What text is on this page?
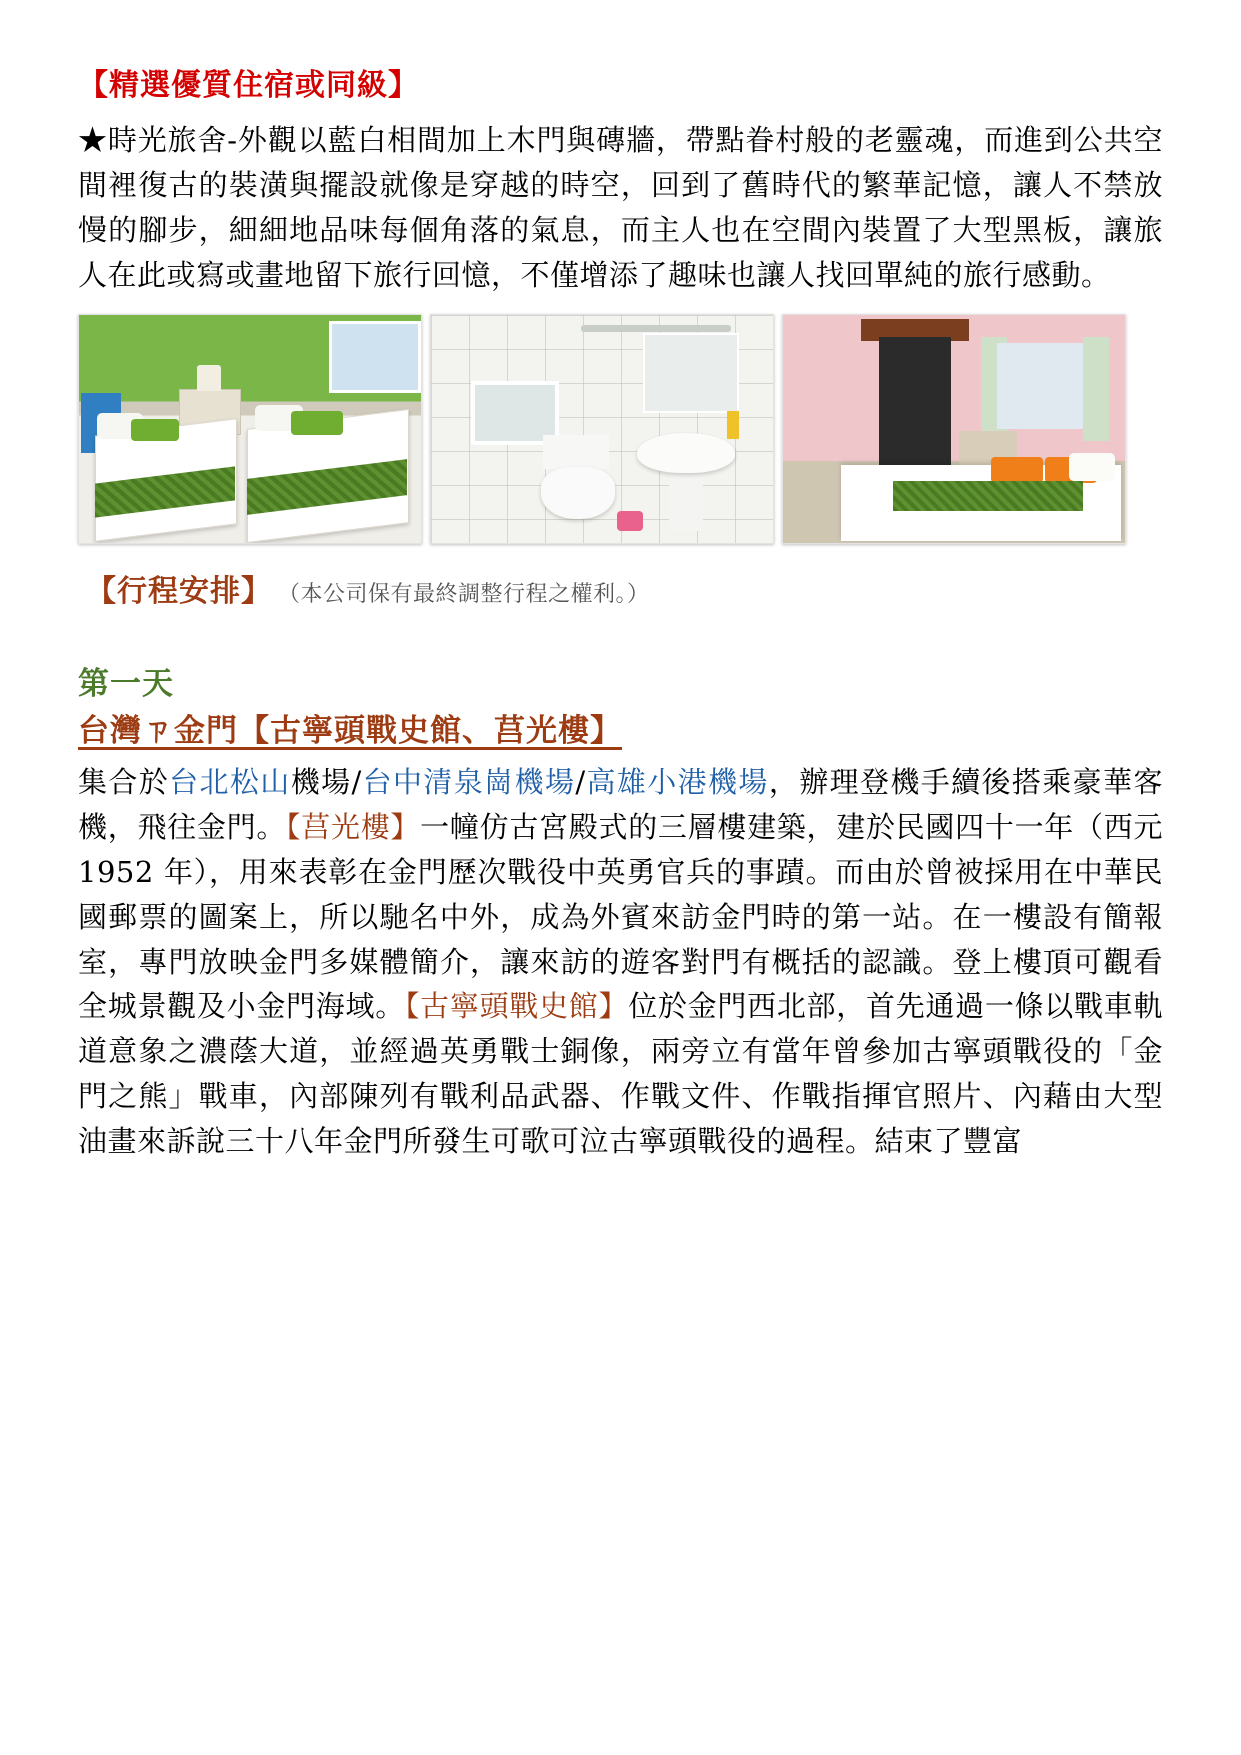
【精選優質住宿或同級】

★時光旅舍-外觀以藍白相間加上木門與磚牆，帶點眷村般的老靈魂，而進到公共空間裡復古的裝潢與擺設就像是穿越的時空，回到了舊時代的繁華記憶，讓人不禁放慢的腳步，細細地品味每個角落的氣息，而主人也在空間內裝置了大型黑板，讓旅人在此或寫或畫地留下旅行回憶，不僅增添了趣味也讓人找回單純的旅行感動。

【行程安排】 （本公司保有最終調整行程之權利。）
第一天
台灣ㄗ金門【古寧頭戰史館、莒光樓】

集合於台北松山機場/台中清泉崗機場/高雄小港機場，辦理登機手續後搭乘豪華客機，飛往金門。【莒光樓】一幢仿古宮殿式的三層樓建築，建於民國四十一年（西元 1952 年），用來表彰在金門歷次戰役中英勇官兵的事蹟。而由於曾被採用在中華民國郵票的圖案上，所以馳名中外，成為外賓來訪金門時的第一站。在一樓設有簡報室，專門放映金門多媒體簡介，讓來訪的遊客對門有概括的認識。登上樓頂可觀看全城景觀及小金門海域。【古寧頭戰史館】位於金門西北部，首先通過一條以戰車軌道意象之濃蔭大道，並經過英勇戰士銅像，兩旁立有當年曾參加古寧頭戰役的「金門之熊」戰車，內部陳列有戰利品武器、作戰文件、作戰指揮官照片、內藉由大型油畫來訴說三十八年金門所發生可歌可泣古寧頭戰役的過程。結束了豐富
